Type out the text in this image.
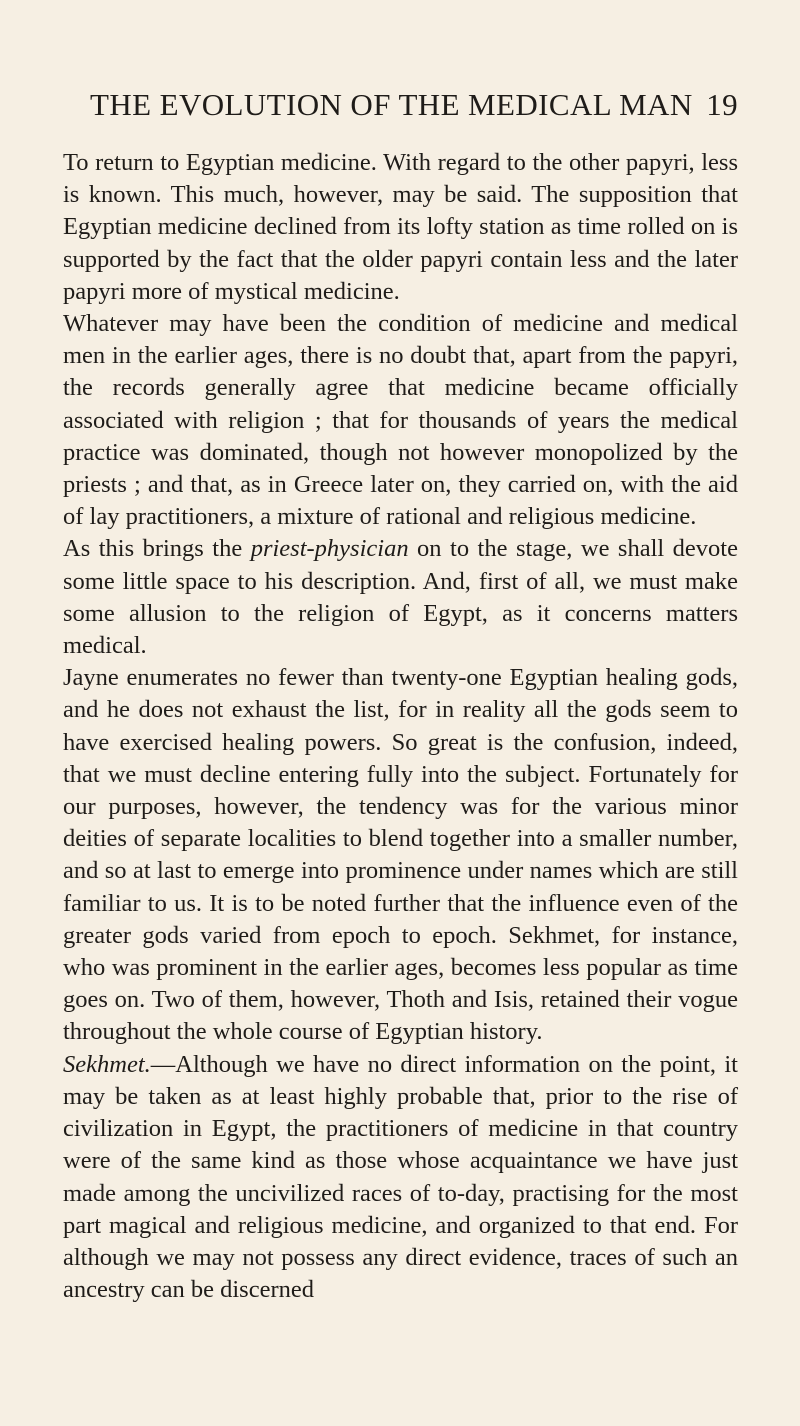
THE EVOLUTION OF THE MEDICAL MAN 19

To return to Egyptian medicine. With regard to the other papyri, less is known. This much, however, may be said. The supposition that Egyptian medicine declined from its lofty station as time rolled on is supported by the fact that the older papyri contain less and the later papyri more of mystical medicine.

Whatever may have been the condition of medicine and medical men in the earlier ages, there is no doubt that, apart from the papyri, the records generally agree that medicine became officially associated with religion ; that for thousands of years the medical practice was dominated, though not however monopolized by the priests ; and that, as in Greece later on, they carried on, with the aid of lay practitioners, a mixture of rational and religious medicine.

As this brings the priest-physician on to the stage, we shall devote some little space to his description. And, first of all, we must make some allusion to the religion of Egypt, as it concerns matters medical.

Jayne enumerates no fewer than twenty-one Egyptian healing gods, and he does not exhaust the list, for in reality all the gods seem to have exercised healing powers. So great is the confusion, indeed, that we must decline entering fully into the subject. Fortunately for our purposes, however, the tendency was for the various minor deities of separate localities to blend together into a smaller number, and so at last to emerge into prominence under names which are still familiar to us. It is to be noted further that the influence even of the greater gods varied from epoch to epoch. Sekhmet, for instance, who was prominent in the earlier ages, becomes less popular as time goes on. Two of them, however, Thoth and Isis, retained their vogue throughout the whole course of Egyptian history.

Sekhmet.—Although we have no direct information on the point, it may be taken as at least highly probable that, prior to the rise of civilization in Egypt, the practitioners of medicine in that country were of the same kind as those whose acquaintance we have just made among the uncivilized races of to-day, practising for the most part magical and religious medicine, and organized to that end. For although we may not possess any direct evidence, traces of such an ancestry can be discerned
